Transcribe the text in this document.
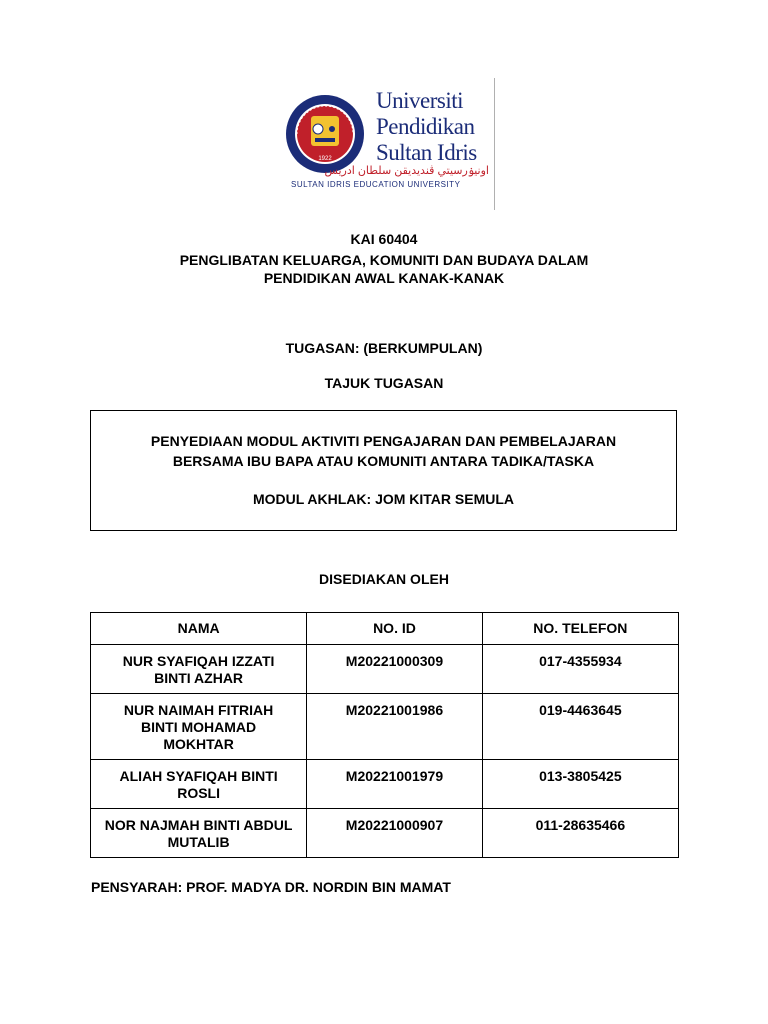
1922
Universiti
Pendidikan
Sultan Idris
اونيۏرسيتي ڤنديديقن سلطان ادريس
SULTAN IDRIS EDUCATION UNIVERSITY
KAI 60404
PENGLIBATAN KELUARGA, KOMUNITI DAN BUDAYA DALAM
PENDIDIKAN AWAL KANAK-KANAK
TUGASAN: (BERKUMPULAN)
TAJUK TUGASAN
PENYEDIAAN MODUL AKTIVITI PENGAJARAN DAN PEMBELAJARAN
BERSAMA IBU BAPA ATAU KOMUNITI ANTARA TADIKA/TASKA
MODUL AKHLAK: JOM KITAR SEMULA
DISEDIAKAN OLEH
NAMA	NO. ID	NO. TELEFON

NUR SYAFIQAH IZZATI
BINTI AZHAR	M20221000309	017-4355934

NUR NAIMAH FITRIAH
BINTI MOHAMAD
MOKHTAR	M20221001986	019-4463645

ALIAH SYAFIQAH BINTI
ROSLI	M20221001979	013-3805425

NOR NAJMAH BINTI ABDUL
MUTALIB	M20221000907	011-28635466
PENSYARAH: PROF. MADYA DR. NORDIN BIN MAMAT
